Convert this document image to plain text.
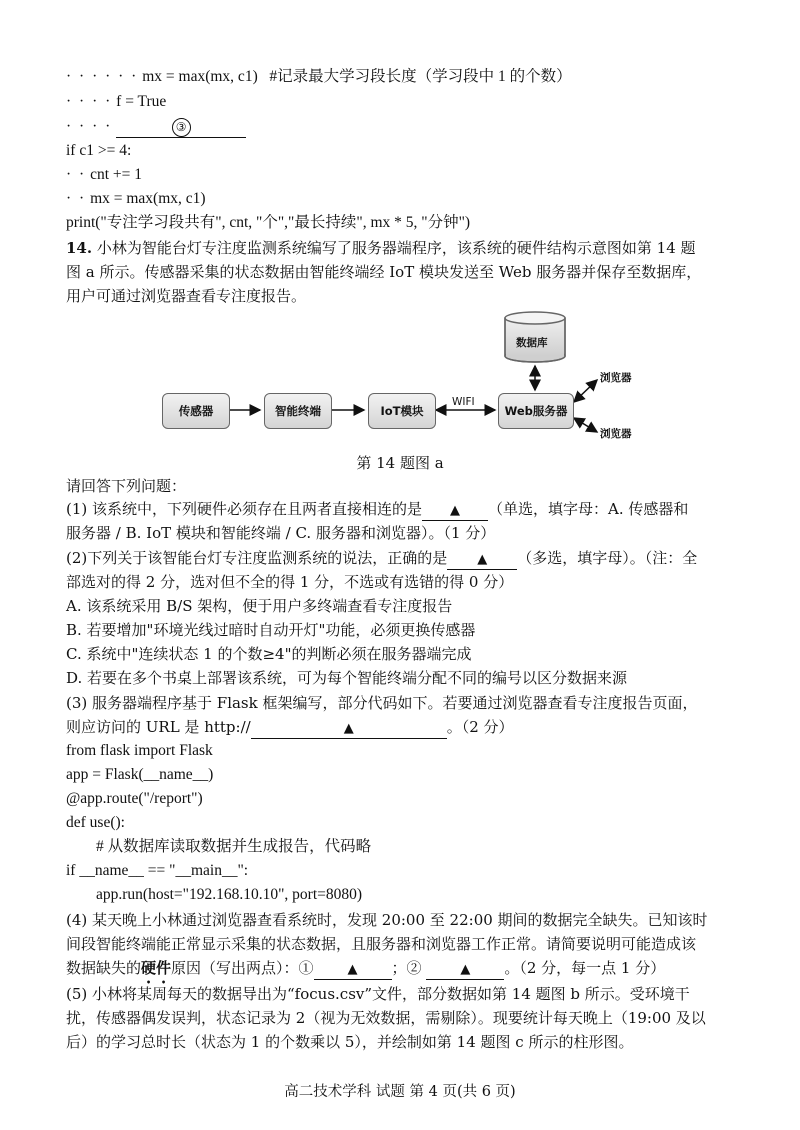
· · · · · · mx = max(mx, c1) #记录最大学习段长度（学习段中 1 的个数）
· · · · f = True
· · · ·	③
if c1 >= 4:
· · cnt += 1
· · mx = max(mx, c1)
print("专注学习段共有", cnt, "个","最长持续", mx * 5, "分钟")
14. 小林为智能台灯专注度监测系统编写了服务器端程序，该系统的硬件结构示意图如第 14 题
图 a 所示。传感器采集的状态数据由智能终端经 IoT 模块发送至 Web 服务器并保存至数据库，
用户可通过浏览器查看专注度报告。
数据库
传感器	智能终端	IoT模块
WIFI
Web服务器
浏览器
浏览器
第 14 题图 a
请回答下列问题：
(1) 该系统中，下列硬件必须存在且两者直接相连的是 ▲ （单选，填字母：A. 传感器和
服务器 / B. IoT 模块和智能终端 / C. 服务器和浏览器）。（1 分）
(2)下列关于该智能台灯专注度监测系统的说法，正确的是 ▲ （多选，填字母）。（注：全
部选对的得 2 分，选对但不全的得 1 分，不选或有选错的得 0 分）
A. 该系统采用 B/S 架构，便于用户多终端查看专注度报告
B. 若要增加"环境光线过暗时自动开灯"功能，必须更换传感器
C. 系统中"连续状态 1 的个数≥4"的判断必须在服务器端完成
D. 若要在多个书桌上部署该系统，可为每个智能终端分配不同的编号以区分数据来源
(3) 服务器端程序基于 Flask 框架编写，部分代码如下。若要通过浏览器查看专注度报告页面，
则应访问的 URL 是 http://	▲	。（2 分）
from flask import Flask
app = Flask(__name__)
@app.route("/report")
def use():
# 从数据库读取数据并生成报告，代码略
if __name__ == "__main__":
app.run(host="192.168.10.10", port=8080)
(4) 某天晚上小林通过浏览器查看系统时，发现 20:00 至 22:00 期间的数据完全缺失。已知该时
间段智能终端能正常显示采集的状态数据，且服务器和浏览器工作正常。请简要说明可能造成该
数据缺失的硬件原因（写出两点）：①	▲ ；②	▲ 。（2 分，每一点 1 分）
(5) 小林将某周每天的数据导出为“focus.csv”文件，部分数据如第 14 题图 b 所示。受环境干
扰，传感器偶发误判，状态记录为 2（视为无效数据，需剔除）。现要统计每天晚上（19:00 及以
后）的学习总时长（状态为 1 的个数乘以 5），并绘制如第 14 题图 c 所示的柱形图。
高二技术学科 试题 第 4 页(共 6 页)
